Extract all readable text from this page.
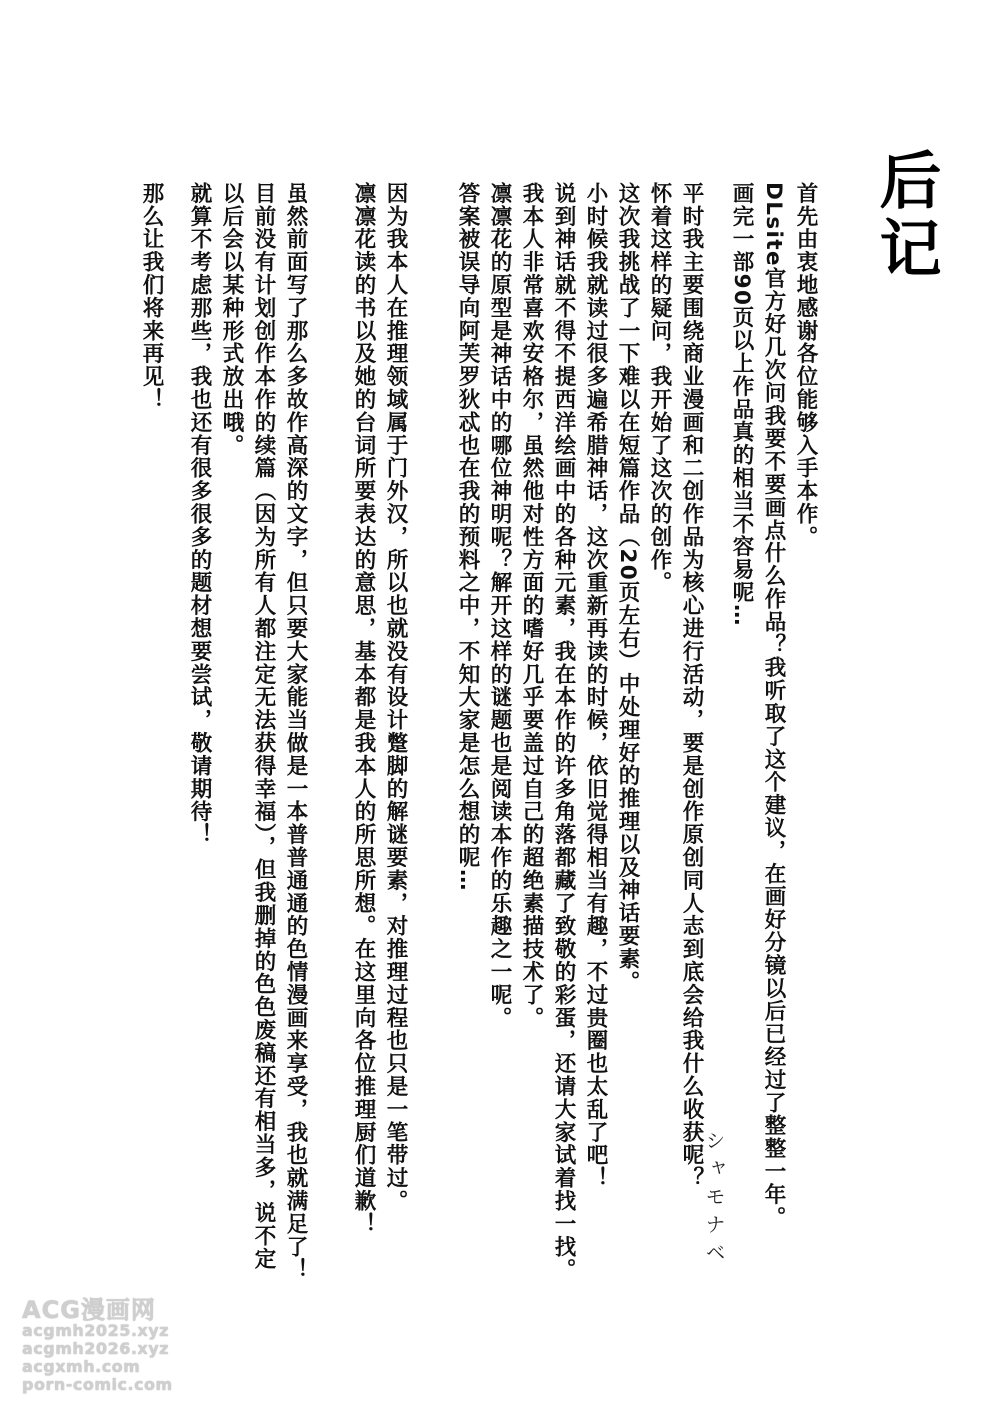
后记
首先由衷地感谢各位能够入手本作。
DLsite官方好几次问我要不要画点什么作品？我听取了这个建议，在画好分镜以后已经过了整整一年。
画完一部90页以上作品真的相当不容易呢…
平时我主要围绕商业漫画和二创作品为核心进行活动，要是创作原创同人志到底会给我什么收获呢？
怀着这样的疑问，我开始了这次的创作。
这次我挑战了一下难以在短篇作品（20页左右）中处理好的推理以及神话要素。
小时候我就读过很多遍希腊神话，这次重新再读的时候，依旧觉得相当有趣，不过贵圈也太乱了吧！
说到神话就不得不提西洋绘画中的各种元素，我在本作的许多角落都藏了致敬的彩蛋，还请大家试着找一找。
我本人非常喜欢安格尔，虽然他对性方面的嗜好几乎要盖过自己的超绝素描技术了。
凛凛花的原型是神话中的哪位神明呢？解开这样的谜题也是阅读本作的乐趣之一呢。
答案被误导向阿芙罗狄忒也在我的预料之中，不知大家是怎么想的呢…
因为我本人在推理领域属于门外汉，所以也就没有设计蹩脚的解谜要素，对推理过程也只是一笔带过。
凛凛花读的书以及她的台词所要表达的意思，基本都是我本人的所思所想。在这里向各位推理厨们道歉！
虽然前面写了那么多故作高深的文字，但只要大家能当做是一本普普通通的色情漫画来享受，我也就满足了！
目前没有计划创作本作的续篇（因为所有人都注定无法获得幸福），但我删掉的色色废稿还有相当多，说不定
以后会以某种形式放出哦。
就算不考虑那些，我也还有很多很多的题材想要尝试，敬请期待！
那么让我们将来再见！
シャモナベ
ACG漫画网
acgmh2025.xyz
acgmh2026.xyz
acgxmh.com
porn-comic.com
